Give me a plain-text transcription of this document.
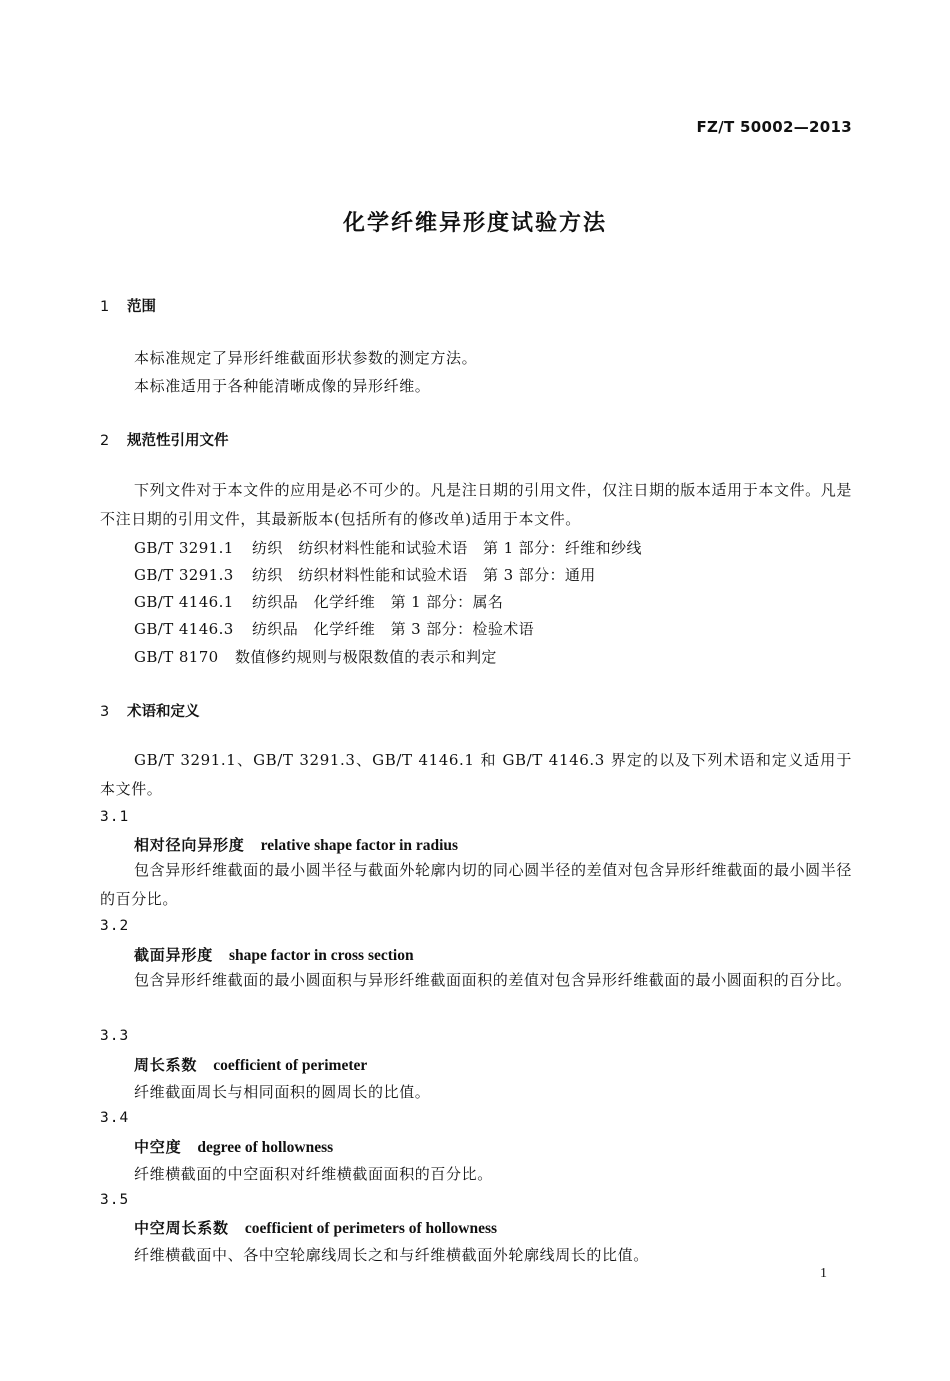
FZ/T 50002—2013
化学纤维异形度试验方法
1 范围
本标准规定了异形纤维截面形状参数的测定方法。
本标准适用于各种能清晰成像的异形纤维。
2 规范性引用文件
下列文件对于本文件的应用是必不可少的。凡是注日期的引用文件，仅注日期的版本适用于本文件。凡是不注日期的引用文件，其最新版本(包括所有的修改单)适用于本文件。
GB/T 3291.1 纺织　纺织材料性能和试验术语　第 1 部分：纤维和纱线
GB/T 3291.3 纺织　纺织材料性能和试验术语　第 3 部分：通用
GB/T 4146.1 纺织品　化学纤维　第 1 部分：属名
GB/T 4146.3 纺织品　化学纤维　第 3 部分：检验术语
GB/T 8170 数值修约规则与极限数值的表示和判定
3 术语和定义
GB/T 3291.1、GB/T 3291.3、GB/T 4146.1 和 GB/T 4146.3 界定的以及下列术语和定义适用于本文件。
3.1
相对径向异形度 relative shape factor in radius
包含异形纤维截面的最小圆半径与截面外轮廓内切的同心圆半径的差值对包含异形纤维截面的最小圆半径的百分比。
3.2
截面异形度 shape factor in cross section
包含异形纤维截面的最小圆面积与异形纤维截面面积的差值对包含异形纤维截面的最小圆面积的百分比。
3.3
周长系数 coefficient of perimeter
纤维截面周长与相同面积的圆周长的比值。
3.4
中空度 degree of hollowness
纤维横截面的中空面积对纤维横截面面积的百分比。
3.5
中空周长系数 coefficient of perimeters of hollowness
纤维横截面中、各中空轮廓线周长之和与纤维横截面外轮廓线周长的比值。
1
